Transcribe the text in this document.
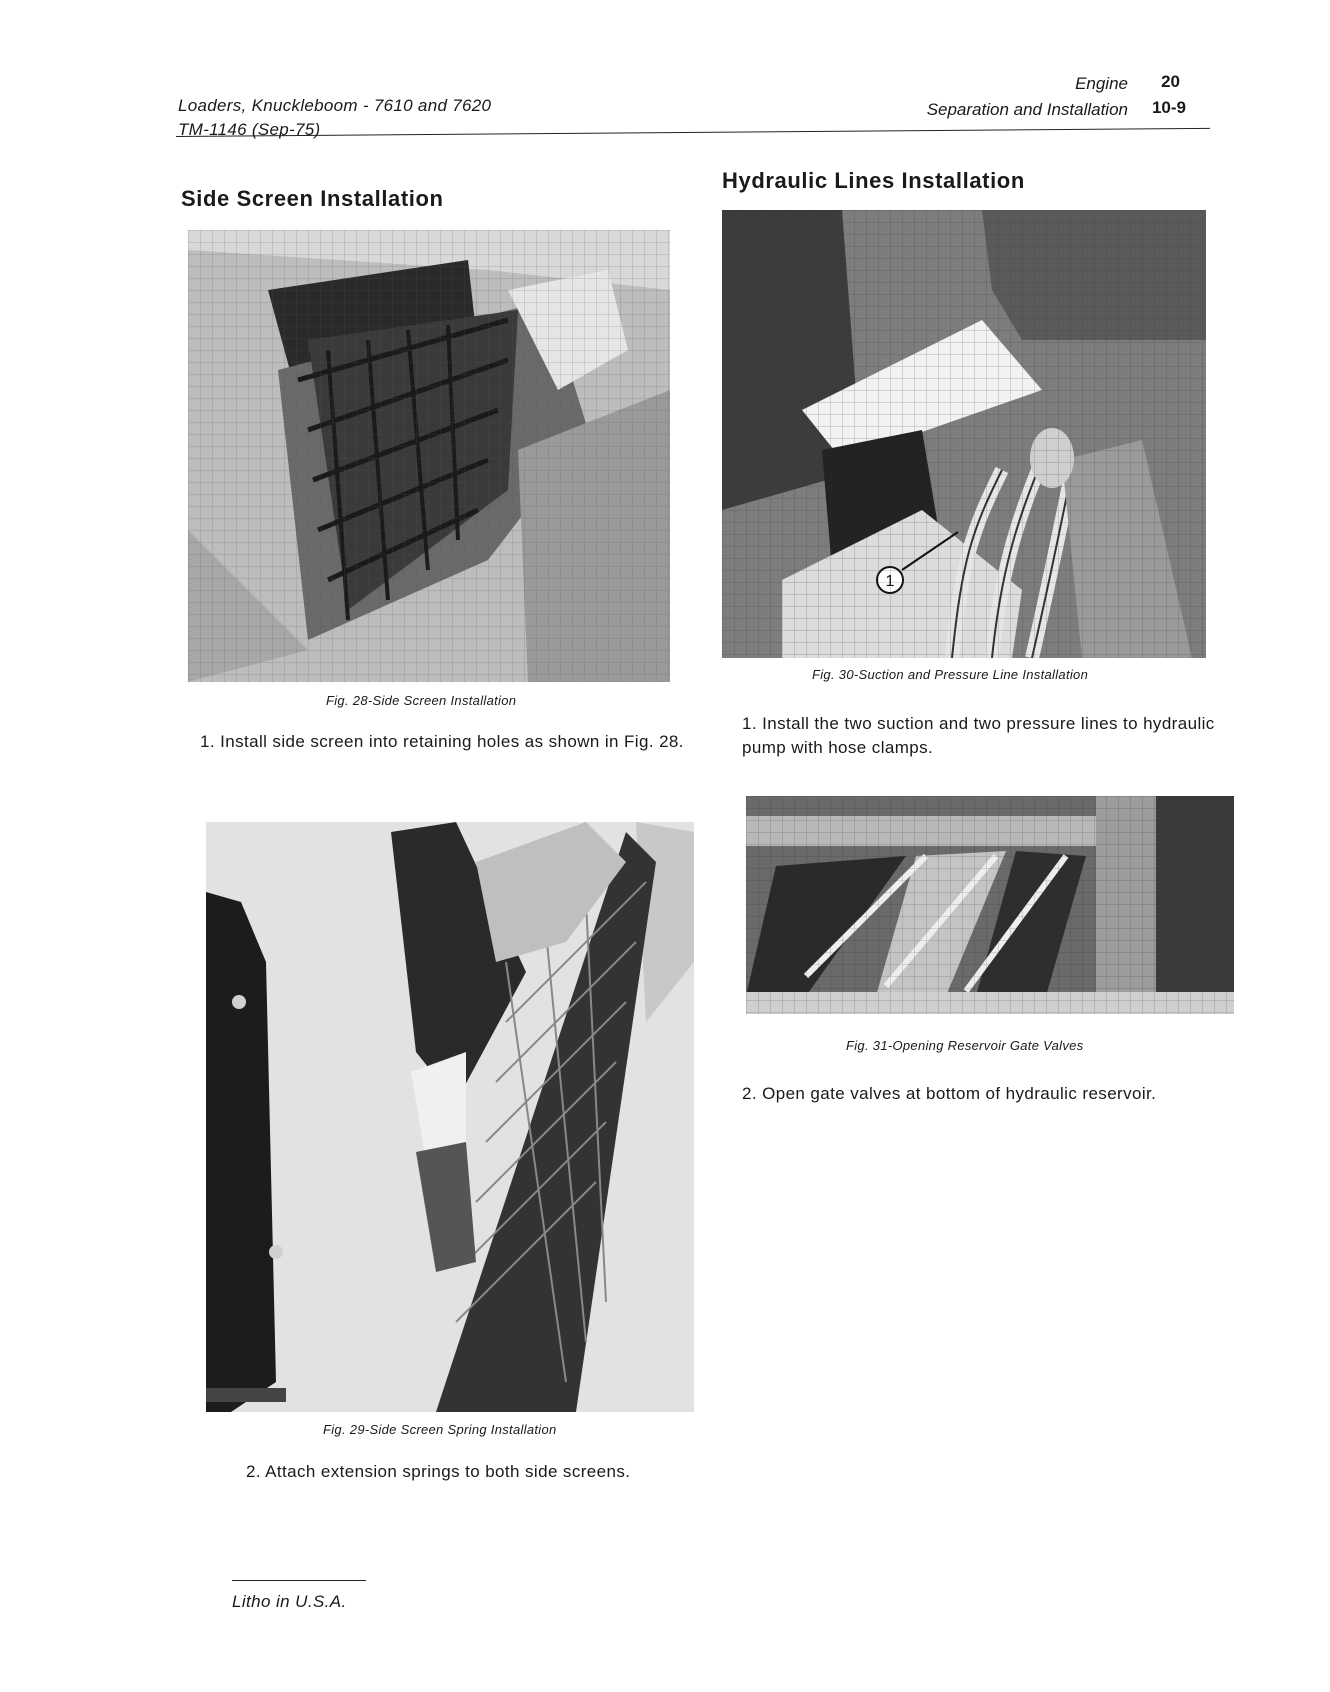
Loaders, Knuckleboom - 7610 and 7620
TM-1146 (Sep-75)
Engine
Separation and Installation
20
10-9
Side Screen Installation
Hydraulic Lines Installation
Fig. 28-Side Screen Installation
1. Install side screen into retaining holes as shown in Fig. 28.
Fig. 29-Side Screen Spring Installation
2. Attach extension springs to both side screens.
Fig. 30-Suction and Pressure Line Installation
1. Install the two suction and two pressure lines to hydraulic pump with hose clamps.
Fig. 31-Opening Reservoir Gate Valves
2. Open gate valves at bottom of hydraulic reservoir.
Litho in U.S.A.
